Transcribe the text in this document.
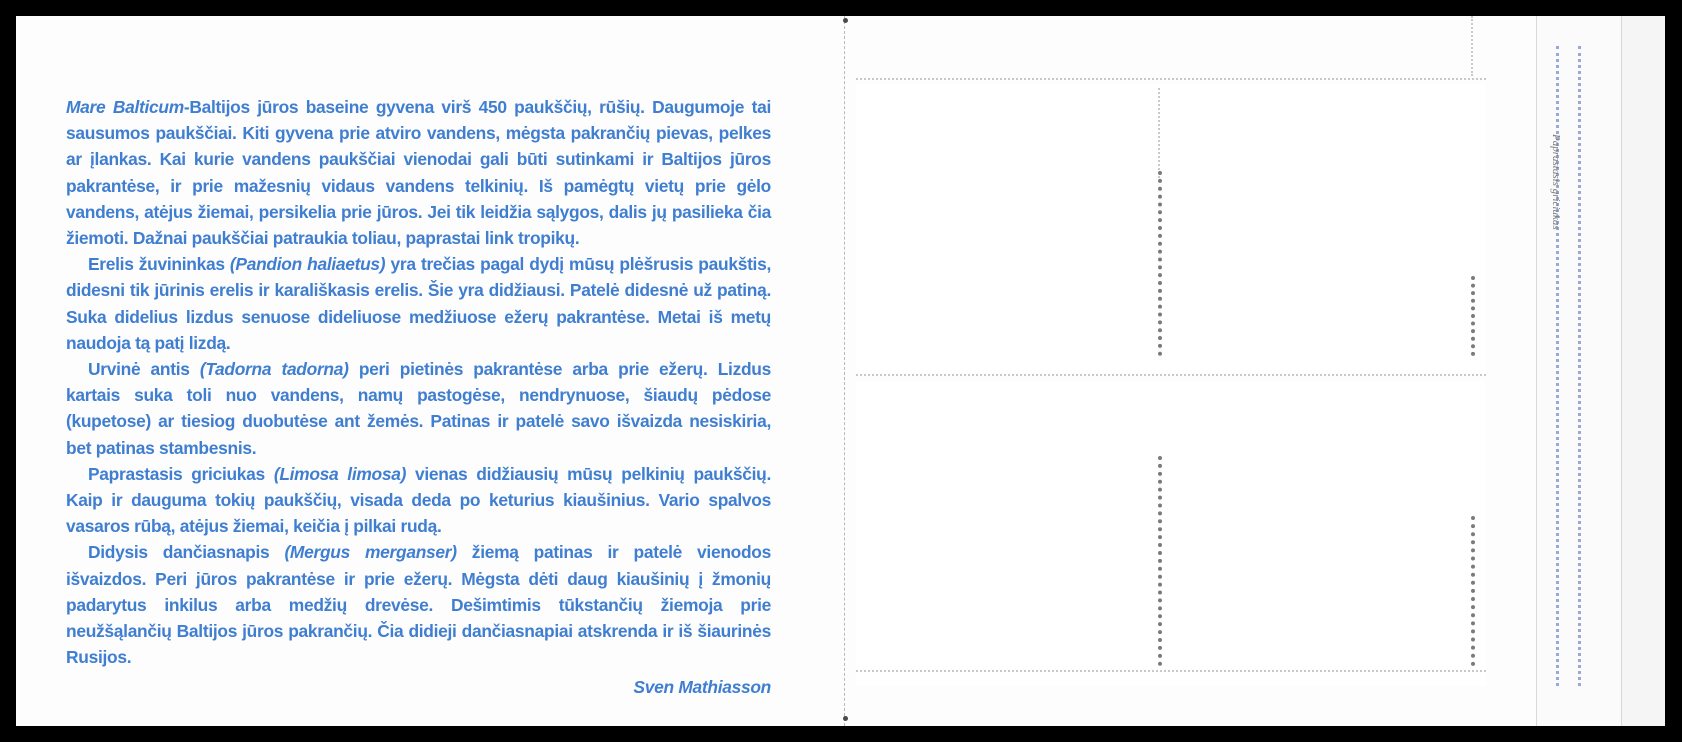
Mare Balticum-Baltijos jūros baseine gyvena virš 450 paukščių, rūšių. Daugumoje tai sausumos paukščiai. Kiti gyvena prie atviro vandens, mėgsta pakrančių pievas, pelkes ar įlankas. Kai kurie vandens paukščiai vienodai gali būti sutinkami ir Baltijos jūros pakrantėse, ir prie mažesnių vidaus vandens telkinių. Iš pamėgtų vietų prie gėlo vandens, atėjus žiemai, persikelia prie jūros. Jei tik leidžia sąlygos, dalis jų pasilieka čia žiemoti. Dažnai paukščiai patraukia toliau, paprastai link tropikų.

Erelis žuvininkas (Pandion haliaetus) yra trečias pagal dydį mūsų plėšrusis paukštis, didesni tik jūrinis erelis ir karališkasis erelis. Šie yra didžiausi. Patelė didesnė už patiną. Suka didelius lizdus senuose dideliuose medžiuose ežerų pakrantėse. Metai iš metų naudoja tą patį lizdą.

Urvinė antis (Tadorna tadorna) peri pietinės pakrantėse arba prie ežerų. Lizdus kartais suka toli nuo vandens, namų pastogėse, nendrynuose, šiaudų pėdose (kupetose) ar tiesiog duobutėse ant žemės. Patinas ir patelė savo išvaizda nesiskiria, bet patinas stambesnis.

Paprastasis griciukas (Limosa limosa) vienas didžiausių mūsų pelkinių paukščių. Kaip ir dauguma tokių paukščių, visada deda po keturius kiaušinius. Vario spalvos vasaros rūbą, atėjus žiemai, keičia į pilkai rudą.

Didysis dančiasnapis (Mergus merganser) žiemą patinas ir patelė vienodos išvaizdos. Peri jūros pakrantėse ir prie ežerų. Mėgsta dėti daug kiaušinių į žmonių padarytus inkilus arba medžių drevėse. Dešimtimis tūkstančių žiemoja prie neužšąlančių Baltijos jūros pakrančių. Čia didieji dančiasnapiai atskrenda ir iš šiaurinės Rusijos.

Sven Mathiasson

Paprastasis griciukas
